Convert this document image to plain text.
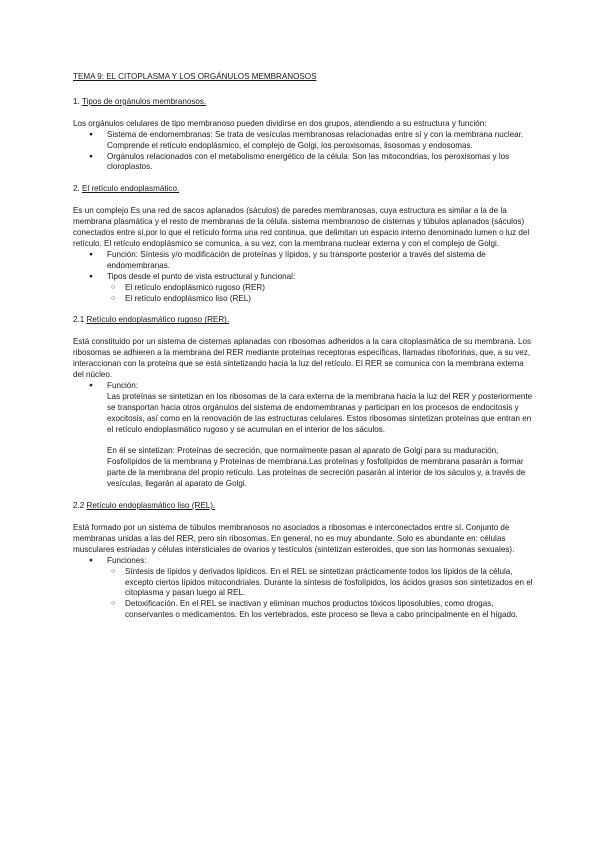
TEMA 9: EL CITOPLASMA Y LOS ORGÁNULOS MEMBRANOSOS

1. Tipos de orgánulos membranosos.

Los orgánulos celulares de tipo membranoso pueden dividirse en dos grupos, atendiendo a su estructura y función:

● Sistema de endomembranas: Se trata de vesículas membranosas relacionadas entre sí y con la membrana nuclear. Comprende el retículo endoplásmico, el complejo de Golgi, los peroxisomas, lisosomas y endosomas.
● Orgánulos relacionados con el metabolismo energético de la célula: Son las mitocondrias, los peroxisomas y los cloroplastos.

2. El retículo endoplasmático.

Es un complejo Es una red de sacos aplanados (sáculos) de paredes membranosas, cuya estructura es similar a la de la membrana plasmática y el resto de membranas de la célula. sistema membranoso de cisternas y túbulos aplanados (sáculos) conectados entre sí,por lo que el retículo forma una red continua, que delimitan un espacio interno denominado lumen o luz del retículo. El retículo endoplásmico se comunica, a su vez, con la membrana nuclear externa y con el complejo de Golgi.

● Función: Síntesis y/o modificación de proteínas y lípidos, y su transporte posterior a través del sistema de endomembranas.
● Tipos desde el punto de vista estructural y funcional:
○ El retículo endoplásmico rugoso (RER)
○ El retículo endoplásmico liso (REL)

2.1 Retículo endoplasmático rugoso (RER).

Está constituido por un sistema de cisternas aplanadas con ribosomas adheridos a la cara citoplasmática de su membrana. Los ribosomas se adhieren a la membrana del RER mediante proteínas receptoras específicas, llamadas riboforinas, que, a su vez, interaccionan con la proteína que se está sintetizando hacia la luz del retículo. El RER se comunica con la membrana externa del núcleo.

● Función:

Las proteínas se sintetizan en los ribosomas de la cara externa de la membrana hacia la luz del RER y posteriormente se transportan hacia otros orgánulos del sistema de endomembranas y participan en los procesos de endocitosis y exocitosis, así como en la renovación de las estructuras celulares. Estos ribosomas sintetizan proteínas que entran en el retículo endoplasmático rugoso y se acumulan en el interior de los sáculos.

En él se sintetizan: Proteínas de secreción, que normalmente pasan al aparato de Golgi para su maduración, Fosfolípidos de la membrana y Proteínas de membrana.Las proteínas y fosfolípidos de membrana pasarán a formar parte de la membrana del propio retículo. Las proteínas de secreción pasarán al interior de los sáculos y, a través de vesículas, llegarán al aparato de Golgi.

2.2 Retículo endoplasmático liso (REL).

Está formado por un sistema de túbulos membranosos no asociados a ribosomas e interconectados entre sí. Conjunto de membranas unidas a las del RER, pero sin ribosomas. En general, no es muy abundante. Solo es abundante en: células musculares estriadas y células intersticiales de ovarios y testículos (sintetizan esteroides, que son las hormonas sexuales).

● Funciones:
○ Síntesis de lípidos y derivados lipídicos. En el REL se sintetizan prácticamente todos los lípidos de la célula, excepto ciertos lípidos mitocondriales. Durante la síntesis de fosfolípidos, los ácidos grasos son sintetizados en el citoplasma y pasan luego al REL.
○ Detoxificación. En el REL se inactivan y eliminan muchos productos tóxicos liposolubles, como drogas, conservantes o medicamentos. En los vertebrados, este proceso se lleva a cabo principalmente en el hígado.
